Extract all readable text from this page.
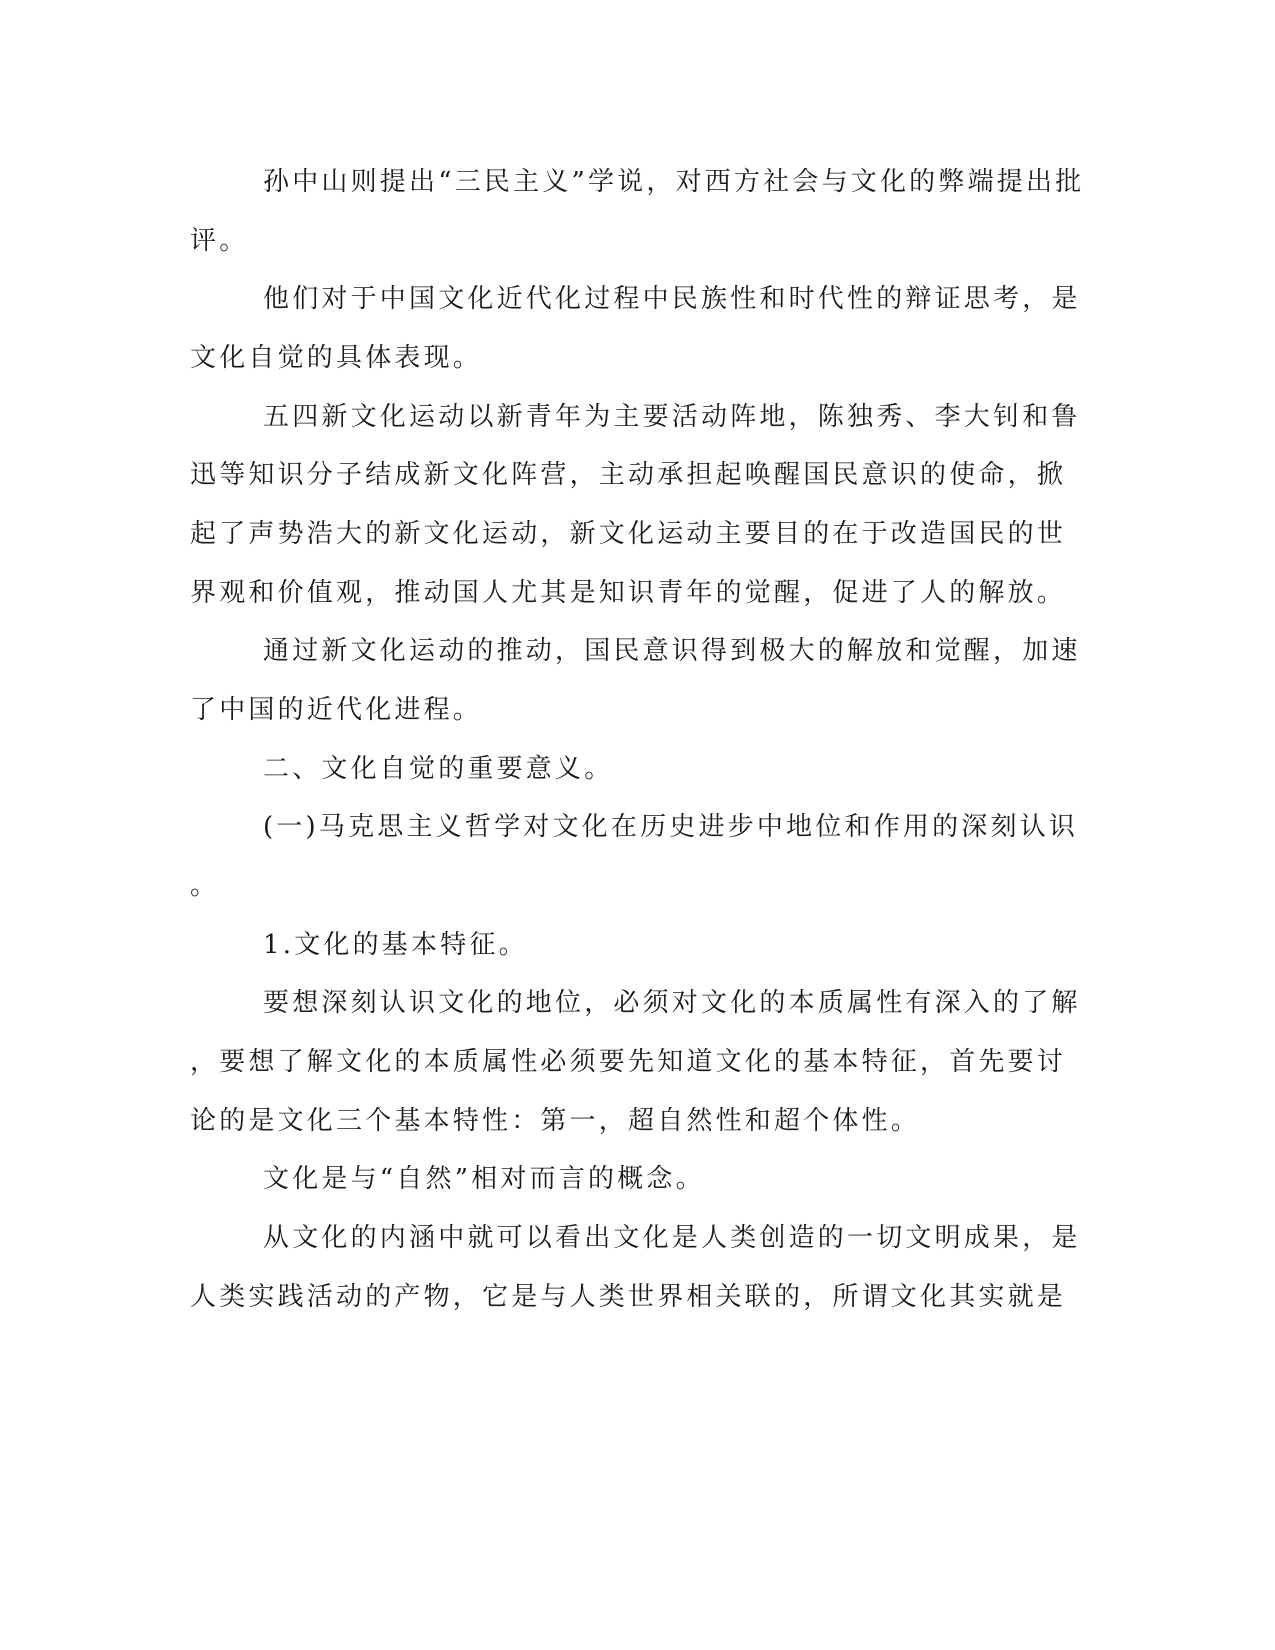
孙中山则提出“三民主义”学说，对西方社会与文化的弊端提出批
评。
他们对于中国文化近代化过程中民族性和时代性的辩证思考，是
文化自觉的具体表现。
五四新文化运动以新青年为主要活动阵地，陈独秀、李大钊和鲁
迅等知识分子结成新文化阵营，主动承担起唤醒国民意识的使命，掀
起了声势浩大的新文化运动，新文化运动主要目的在于改造国民的世
界观和价值观，推动国人尤其是知识青年的觉醒，促进了人的解放。
通过新文化运动的推动，国民意识得到极大的解放和觉醒，加速
了中国的近代化进程。
二、文化自觉的重要意义。
(一)马克思主义哲学对文化在历史进步中地位和作用的深刻认识
。
1.文化的基本特征。
要想深刻认识文化的地位，必须对文化的本质属性有深入的了解
，要想了解文化的本质属性必须要先知道文化的基本特征，首先要讨
论的是文化三个基本特性：第一，超自然性和超个体性。
文化是与“自然”相对而言的概念。
从文化的内涵中就可以看出文化是人类创造的一切文明成果，是
人类实践活动的产物，它是与人类世界相关联的，所谓文化其实就是
